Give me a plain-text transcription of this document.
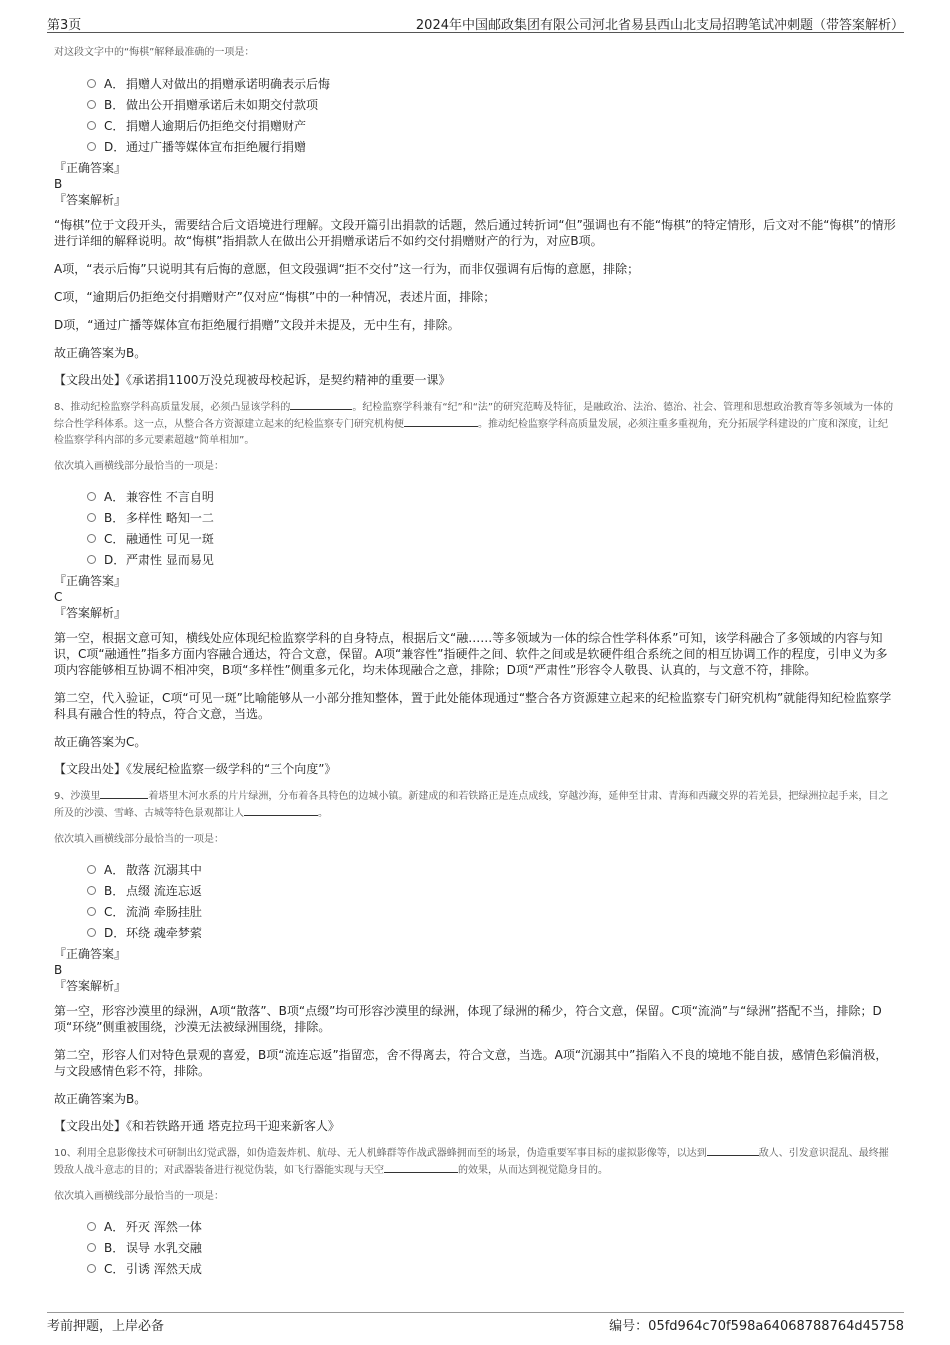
第3页	2024年中国邮政集团有限公司河北省易县西山北支局招聘笔试冲刺题（带答案解析）

对这段文字中的“悔棋”解释最准确的一项是：

A． 捐赠人对做出的捐赠承诺明确表示后悔
B． 做出公开捐赠承诺后未如期交付款项
C． 捐赠人逾期后仍拒绝交付捐赠财产
D．通过广播等媒体宣布拒绝履行捐赠

『正确答案』

B

『答案解析』

“悔棋”位于文段开头，需要结合后文语境进行理解。文段开篇引出捐款的话题，然后通过转折词“但”强调也有不能“悔棋”的特定情形，后文对不能“悔棋”的情形进行详细的解释说明。故“悔棋”指捐款人在做出公开捐赠承诺后不如约交付捐赠财产的行为，对应B项。

A项，“表示后悔”只说明其有后悔的意愿，但文段强调“拒不交付”这一行为，而非仅强调有后悔的意愿，排除；

C项，“逾期后仍拒绝交付捐赠财产”仅对应“悔棋”中的一种情况，表述片面，排除；

D项，“通过广播等媒体宣布拒绝履行捐赠”文段并未提及，无中生有，排除。

故正确答案为B。

【文段出处】《承诺捐1100万没兑现被母校起诉，是契约精神的重要一课》

8、推动纪检监察学科高质量发展，必须凸显该学科的	。纪检监察学科兼有“纪”和“法”的研究范畴及特征，是融政治、法治、德治、社会、管理和思想政治教育等多领域为一体的综合性学科体系。这一点，从整合各方资源建立起来的纪检监察专门研究机构便	。推动纪检监察学科高质量发展，必须注重多重视角，充分拓展学科建设的广度和深度，让纪检监察学科内部的多元要素超越“简单相加”。

依次填入画横线部分最恰当的一项是：

A． 兼容性 不言自明
B． 多样性 略知一二
C． 融通性 可见一斑
D．严肃性 显而易见

『正确答案』

C

『答案解析』

第一空，根据文意可知，横线处应体现纪检监察学科的自身特点，根据后文“融……等多领域为一体的综合性学科体系”可知，该学科融合了多领域的内容与知识，C项“融通性”指多方面内容融合通达，符合文意，保留。A项“兼容性”指硬件之间、软件之间或是软硬件组合系统之间的相互协调工作的程度，引申义为多项内容能够相互协调不相冲突，B项“多样性”侧重多元化，均未体现融合之意，排除；D项“严肃性”形容令人敬畏、认真的，与文意不符，排除。

第二空，代入验证，C项“可见一斑”比喻能够从一小部分推知整体，置于此处能体现通过“整合各方资源建立起来的纪检监察专门研究机构”就能得知纪检监察学科具有融合性的特点，符合文意，当选。

故正确答案为C。

【文段出处】《发展纪检监察一级学科的“三个向度”》

9、沙漠里	着塔里木河水系的片片绿洲，分布着各具特色的边城小镇。新建成的和若铁路正是连点成线，穿越沙海，延伸至甘肃、青海和西藏交界的若羌县，把绿洲拉起手来，目之所及的沙漠、雪峰、古城等特色景观都让人	。

依次填入画横线部分最恰当的一项是：

A． 散落 沉溺其中
B． 点缀 流连忘返
C． 流淌 牵肠挂肚
D．环绕 魂牵梦萦

『正确答案』

B

『答案解析』

第一空，形容沙漠里的绿洲，A项“散落”、B项“点缀”均可形容沙漠里的绿洲，体现了绿洲的稀少，符合文意，保留。C项“流淌”与“绿洲”搭配不当，排除；D项“环绕”侧重被围绕，沙漠无法被绿洲围绕，排除。

第二空，形容人们对特色景观的喜爱，B项“流连忘返”指留恋，舍不得离去，符合文意，当选。A项“沉溺其中”指陷入不良的境地不能自拔，感情色彩偏消极，与文段感情色彩不符，排除。

故正确答案为B。

【文段出处】《和若铁路开通 塔克拉玛干迎来新客人》

10、利用全息影像技术可研制出幻觉武器，如伪造轰炸机、航母、无人机蜂群等作战武器蜂拥而至的场景，伪造重要军事目标的虚拟影像等，以达到	敌人、引发意识混乱、最终摧毁敌人战斗意志的目的；对武器装备进行视觉伪装，如飞行器能实现与天空	的效果，从而达到视觉隐身目的。

依次填入画横线部分最恰当的一项是：

A． 歼灭 浑然一体
B． 误导 水乳交融
C． 引诱 浑然天成
考前押题，上岸必备	编号：05fd964c70f598a64068788764d45758
